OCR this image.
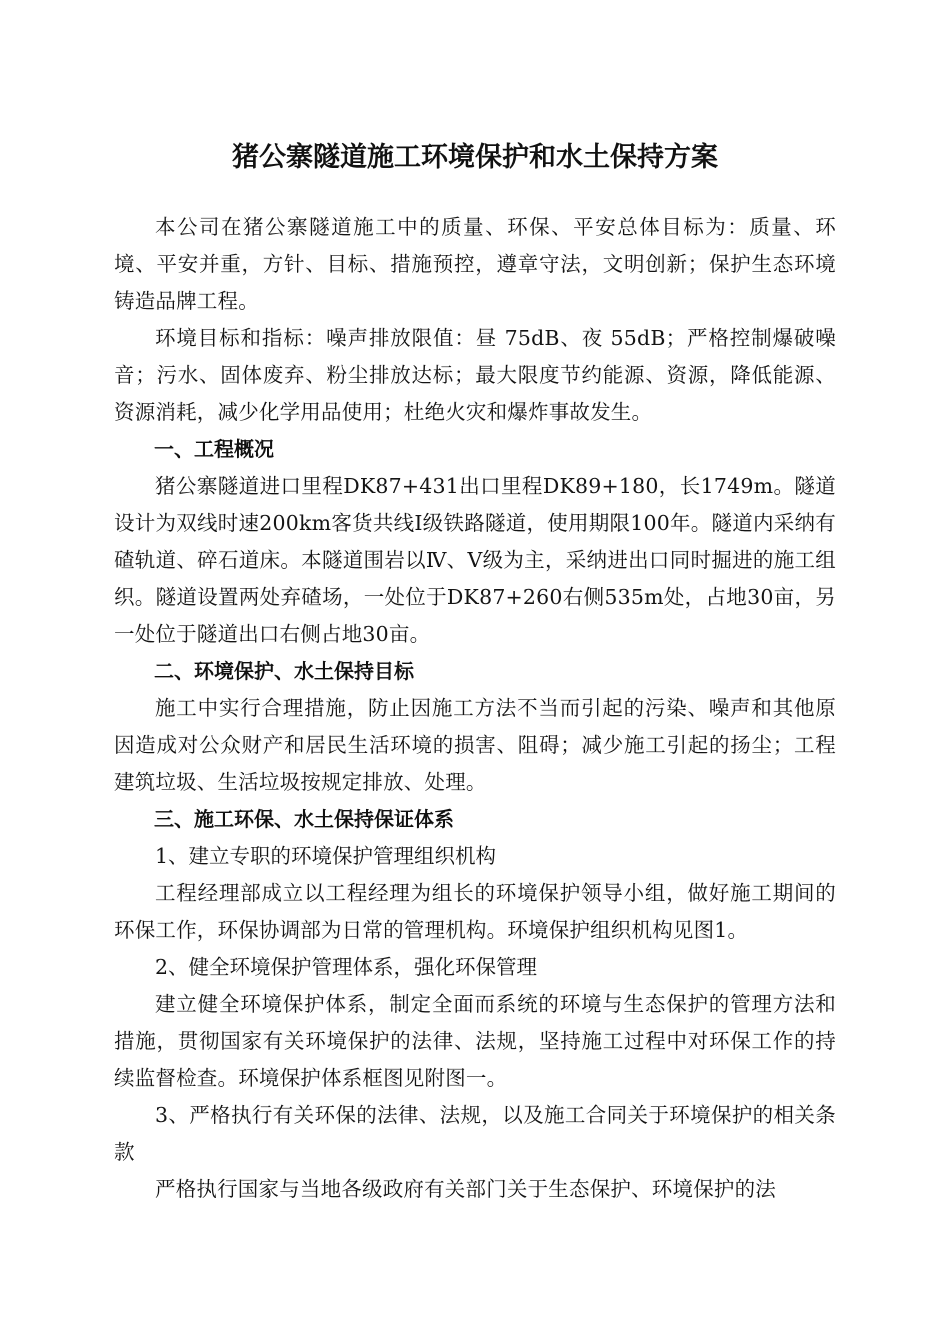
猪公寨隧道施工环境保护和水土保持方案

本公司在猪公寨隧道施工中的质量、环保、平安总体目标为：质量、环境、平安并重，方针、目标、措施预控，遵章守法，文明创新；保护生态环境铸造品牌工程。

环境目标和指标：噪声排放限值：昼 75dB、夜 55dB；严格控制爆破噪音；污水、固体废弃、粉尘排放达标；最大限度节约能源、资源，降低能源、资源消耗，减少化学用品使用；杜绝火灾和爆炸事故发生。

一、工程概况

猪公寨隧道进口里程DK87+431出口里程DK89+180，长1749m。隧道设计为双线时速200km客货共线Ⅰ级铁路隧道，使用期限100年。隧道内采纳有碴轨道、碎石道床。本隧道围岩以Ⅳ、Ⅴ级为主，采纳进出口同时掘进的施工组织。隧道设置两处弃碴场，一处位于DK87+260右侧535m处，占地30亩，另一处位于隧道出口右侧占地30亩。

二、环境保护、水土保持目标

施工中实行合理措施，防止因施工方法不当而引起的污染、噪声和其他原因造成对公众财产和居民生活环境的损害、阻碍；减少施工引起的扬尘；工程建筑垃圾、生活垃圾按规定排放、处理。

三、施工环保、水土保持保证体系

1、建立专职的环境保护管理组织机构

工程经理部成立以工程经理为组长的环境保护领导小组，做好施工期间的环保工作，环保协调部为日常的管理机构。环境保护组织机构见图1。

2、健全环境保护管理体系，强化环保管理

建立健全环境保护体系，制定全面而系统的环境与生态保护的管理方法和措施，贯彻国家有关环境保护的法律、法规，坚持施工过程中对环保工作的持续监督检查。环境保护体系框图见附图一。

3、严格执行有关环保的法律、法规，以及施工合同关于环境保护的相关条款

严格执行国家与当地各级政府有关部门关于生态保护、环境保护的法
